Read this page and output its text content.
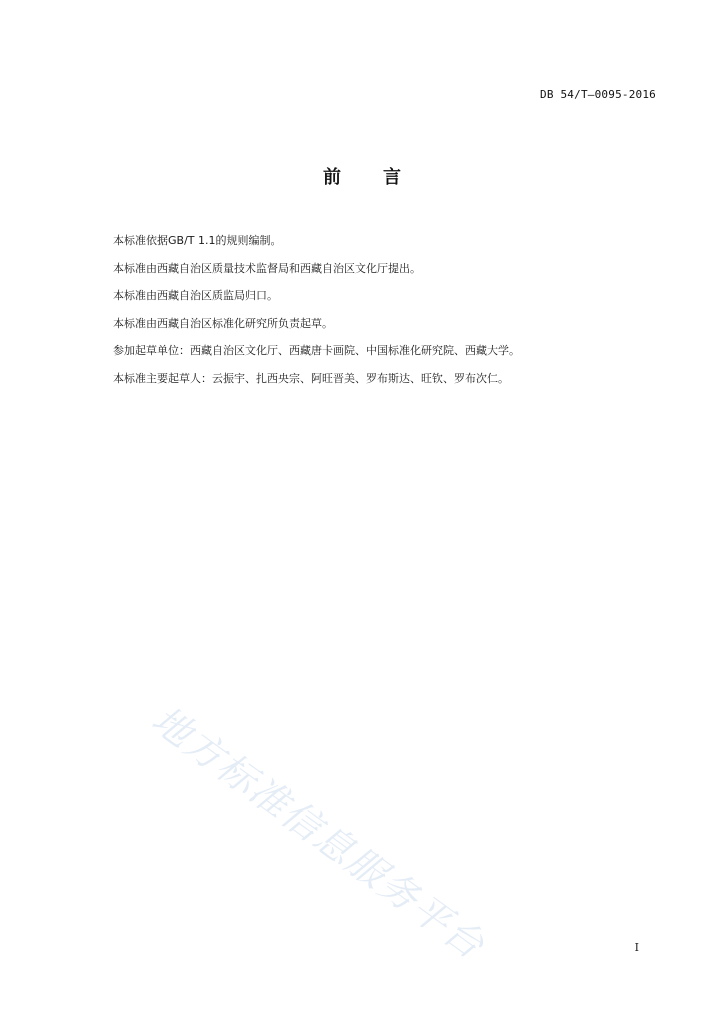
DB 54/T—0095-2016
前言
本标准依据GB/T 1.1的规则编制。
本标准由西藏自治区质量技术监督局和西藏自治区文化厅提出。
本标准由西藏自治区质监局归口。
本标准由西藏自治区标准化研究所负责起草。
参加起草单位：西藏自治区文化厅、西藏唐卡画院、中国标准化研究院、西藏大学。
本标准主要起草人：云振宇、扎西央宗、阿旺晋美、罗布斯达、旺钦、罗布次仁。
地方标准信息服务平台	I
